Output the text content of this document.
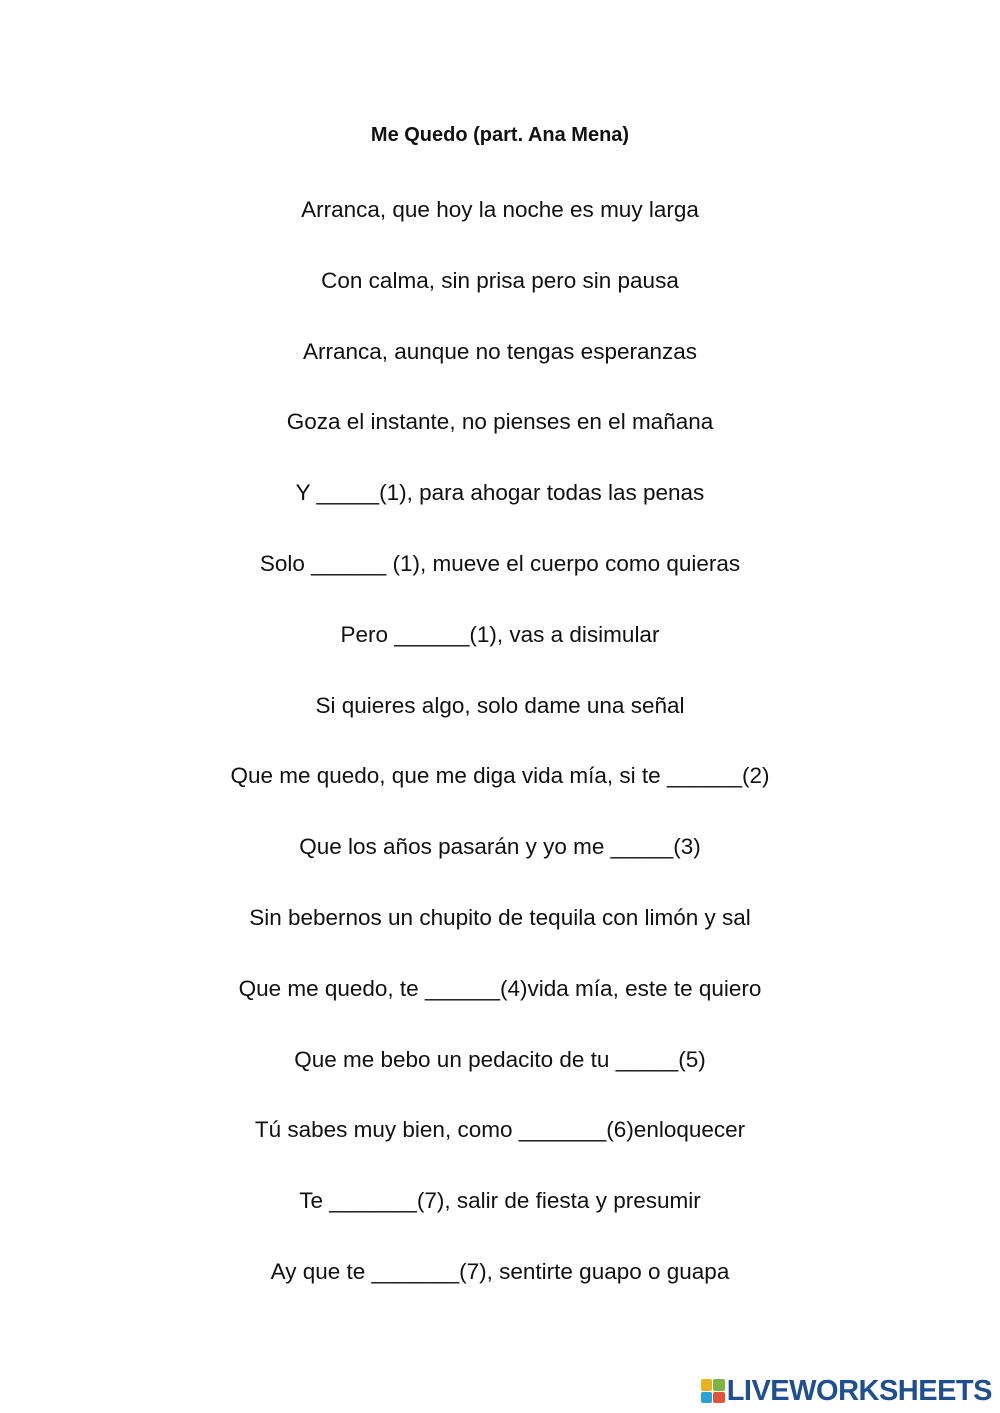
Me Quedo (part. Ana Mena)
Arranca, que hoy la noche es muy larga
Con calma, sin prisa pero sin pausa
Arranca, aunque no tengas esperanzas
Goza el instante, no pienses en el mañana
Y _____(1), para ahogar todas las penas
Solo ______ (1), mueve el cuerpo como quieras
Pero ______(1), vas a disimular
Si quieres algo, solo dame una señal
Que me quedo, que me diga vida mía, si te ______(2)
Que los años pasarán y yo me _____(3)
Sin bebernos un chupito de tequila con limón y sal
Que me quedo, te ______(4)vida mía, este te quiero
Que me bebo un pedacito de tu _____(5)
Tú sabes muy bien, como _______(6)enloquecer
Te _______(7), salir de fiesta y presumir
Ay que te _______(7), sentirte guapo o guapa
LIVEWORKSHEETS
